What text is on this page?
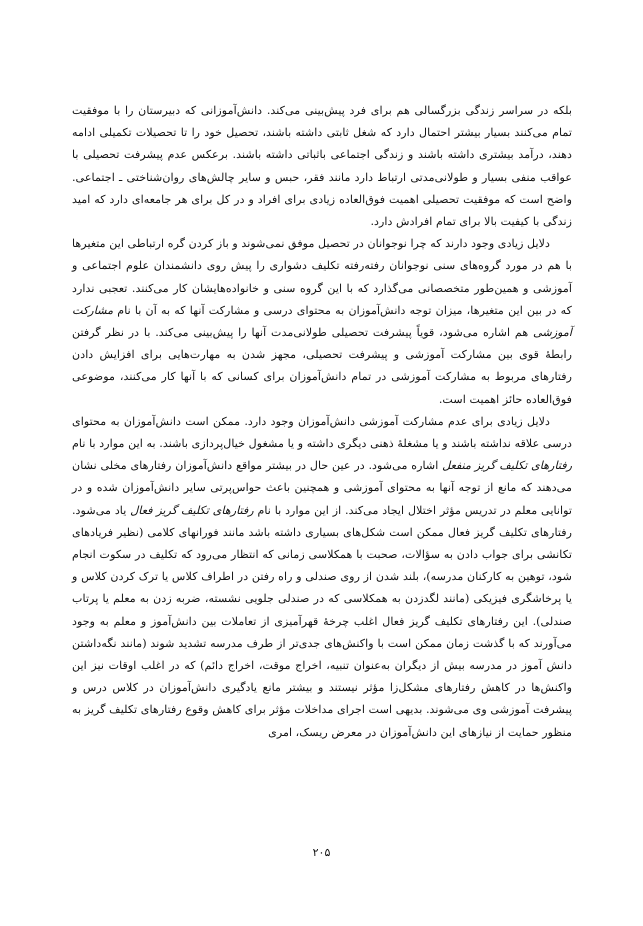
بلکه در سراسر زندگی بزرگسالی هم برای فرد پیش‌بینی می‌کند. دانش‌آموزانی که دبیرستان را با موفقیت تمام می‌کنند بسیار بیشتر احتمال دارد که شغل ثابتی داشته باشند، تحصیل خود را تا تحصیلات تکمیلی ادامه دهند، درآمد بیشتری داشته باشند و زندگی اجتماعی باثباتی داشته باشند. برعکس عدم پیشرفت تحصیلی با عواقب منفی بسیار و طولانی‌مدتی ارتباط دارد مانند فقر، حبس و سایر چالش‌های روان‌شناختی ـ اجتماعی. واضح است که موفقیت تحصیلی اهمیت فوق‌العاده زیادی برای افراد و در کل برای هر جامعه‌ای دارد که امید زندگی با کیفیت بالا برای تمام افرادش دارد.

دلایل زیادی وجود دارند که چرا نوجوانان در تحصیل موفق نمی‌شوند و باز کردن گره ارتباطی این متغیرها با هم در مورد گروه‌های سنی نوجوانان رفته‌رفته تکلیف دشواری را پیش روی دانشمندان علوم اجتماعی و آموزشی و همین‌طور متخصصانی می‌گذارد که با این گروه سنی و خانواده‌هایشان کار می‌کنند. تعجبی ندارد که در بین این متغیرها، میزان توجه دانش‌آموزان به محتوای درسی و مشارکت آنها که به آن با نام مشارکت آموزشی هم اشاره می‌شود، قویاً پیشرفت تحصیلی طولانی‌مدت آنها را پیش‌بینی می‌کند. با در نظر گرفتن رابطهٔ قوی بین مشارکت آموزشی و پیشرفت تحصیلی، مجهز شدن به مهارت‌هایی برای افزایش دادن رفتارهای مربوط به مشارکت آموزشی در تمام دانش‌آموزان برای کسانی که با آنها کار می‌کنند، موضوعی فوق‌العاده حائز اهمیت است.

دلایل زیادی برای عدم مشارکت آموزشی دانش‌آموزان وجود دارد. ممکن است دانش‌آموزان به محتوای درسی علاقه نداشته باشند و یا مشغلهٔ ذهنی دیگری داشته و یا مشغول خیال‌پردازی باشند. به این موارد با نام رفتارهای تکلیف گریز منفعل اشاره می‌شود. در عین حال در بیشتر مواقع دانش‌آموزان رفتارهای مخلی نشان می‌دهند که مانع از توجه آنها به محتوای آموزشی و همچنین باعث حواس‌پرتی سایر دانش‌آموزان شده و در توانایی معلم در تدریس مؤثر اختلال ایجاد می‌کند. از این موارد با نام رفتارهای تکلیف گریز فعال یاد می‌شود. رفتارهای تکلیف گریز فعال ممکن است شکل‌های بسیاری داشته باشد مانند فورانهای کلامی (نظیر فریادهای تکانشی برای جواب دادن به سؤالات، صحبت با همکلاسی زمانی که انتظار می‌رود که تکلیف در سکوت انجام شود، توهین به کارکنان مدرسه)، بلند شدن از روی صندلی و راه رفتن در اطراف کلاس یا ترک کردن کلاس و یا پرخاشگری فیزیکی (مانند لگدزدن به همکلاسی که در صندلی جلویی نشسته، ضربه زدن به معلم یا پرتاب صندلی). این رفتارهای تکلیف گریز فعال اغلب چرخهٔ قهرآمیزی از تعاملات بین دانش‌آموز و معلم به وجود می‌آورند که با گذشت زمان ممکن است با واکنش‌های جدی‌تر از طرف مدرسه تشدید شوند (مانند نگه‌داشتن دانش آموز در مدرسه بیش از دیگران به‌عنوان تنبیه، اخراج موقت، اخراج دائم) که در اغلب اوقات نیز این واکنش‌ها در کاهش رفتارهای مشکل‌زا مؤثر نیستند و بیشتر مانع یادگیری دانش‌آموزان در کلاس درس و پیشرفت آموزشی وی می‌شوند. بدیهی است اجرای مداخلات مؤثر برای کاهش وقوع رفتارهای تکلیف گریز به منظور حمایت از نیازهای این دانش‌آموزان در معرض ریسک، امری

۲۰۵
